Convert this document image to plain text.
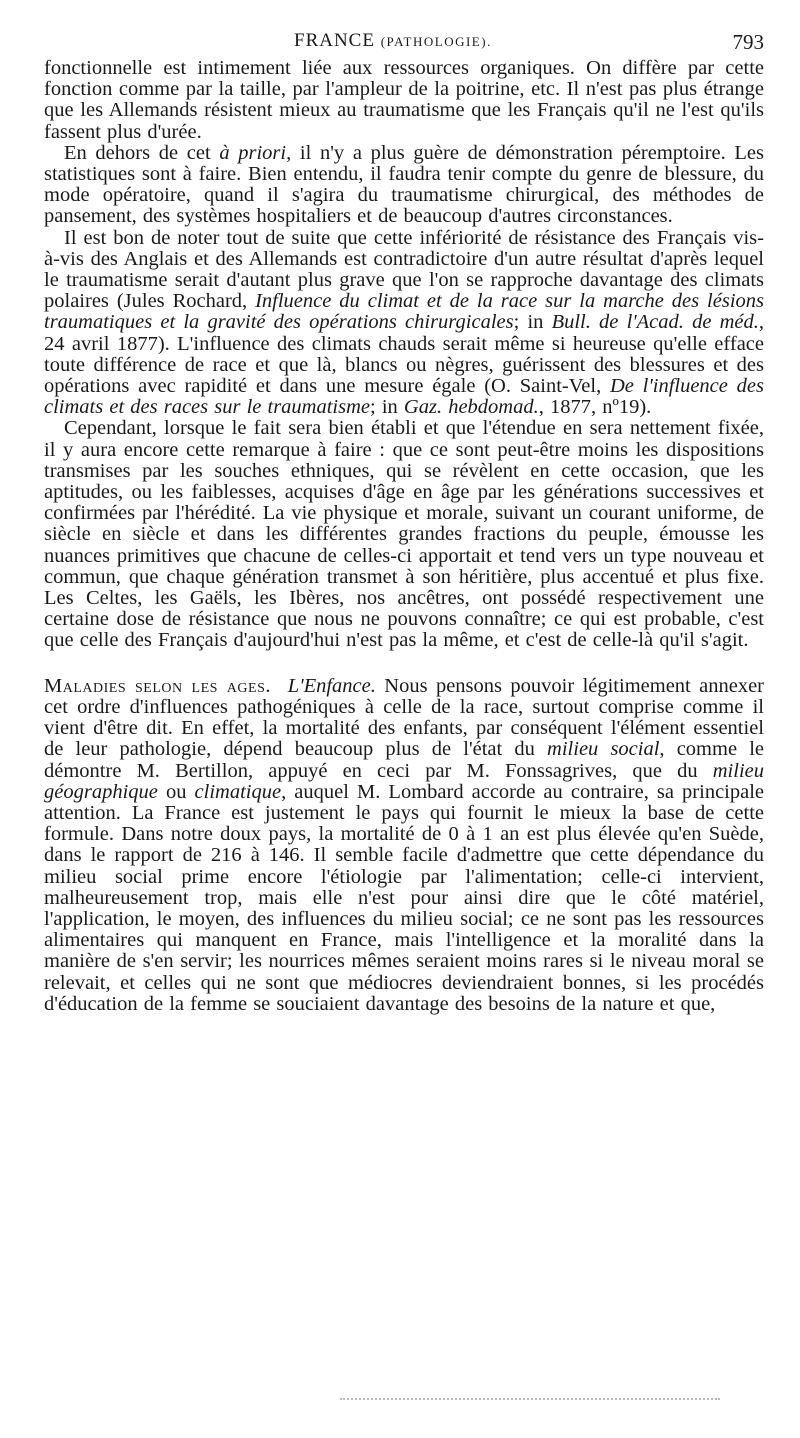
FRANCE (PATHOLOGIE).	793

fonctionnelle est intimement liée aux ressources organiques. On diffère par cette fonction comme par la taille, par l'ampleur de la poitrine, etc. Il n'est pas plus étrange que les Allemands résistent mieux au traumatisme que les Français qu'il ne l'est qu'ils fassent plus d'urée.

En dehors de cet à priori, il n'y a plus guère de démonstration péremptoire. Les statistiques sont à faire. Bien entendu, il faudra tenir compte du genre de blessure, du mode opératoire, quand il s'agira du traumatisme chirurgical, des méthodes de pansement, des systèmes hospitaliers et de beaucoup d'autres circonstances.

Il est bon de noter tout de suite que cette infériorité de résistance des Français vis-à-vis des Anglais et des Allemands est contradictoire d'un autre résultat d'après lequel le traumatisme serait d'autant plus grave que l'on se rapproche davantage des climats polaires (Jules Rochard, Influence du climat et de la race sur la marche des lésions traumatiques et la gravité des opérations chirurgicales; in Bull. de l'Acad. de méd., 24 avril 1877). L'influence des climats chauds serait même si heureuse qu'elle efface toute différence de race et que là, blancs ou nègres, guérissent des blessures et des opérations avec rapidité et dans une mesure égale (O. Saint-Vel, De l'influence des climats et des races sur le traumatisme; in Gaz. hebdomad., 1877, nº19).

Cependant, lorsque le fait sera bien établi et que l'étendue en sera nettement fixée, il y aura encore cette remarque à faire : que ce sont peut-être moins les dispositions transmises par les souches ethniques, qui se révèlent en cette occasion, que les aptitudes, ou les faiblesses, acquises d'âge en âge par les générations successives et confirmées par l'hérédité. La vie physique et morale, suivant un courant uniforme, de siècle en siècle et dans les différentes grandes fractions du peuple, émousse les nuances primitives que chacune de celles-ci apportait et tend vers un type nouveau et commun, que chaque génération transmet à son héritière, plus accentué et plus fixe. Les Celtes, les Gaëls, les Ibères, nos ancêtres, ont possédé respectivement une certaine dose de résistance que nous ne pouvons connaître; ce qui est probable, c'est que celle des Français d'aujourd'hui n'est pas la même, et c'est de celle-là qu'il s'agit.

Maladies selon les ages. L'Enfance. Nous pensons pouvoir légitimement annexer cet ordre d'influences pathogéniques à celle de la race, surtout comprise comme il vient d'être dit. En effet, la mortalité des enfants, par conséquent l'élément essentiel de leur pathologie, dépend beaucoup plus de l'état du milieu social, comme le démontre M. Bertillon, appuyé en ceci par M. Fonssagrives, que du milieu géographique ou climatique, auquel M. Lombard accorde au contraire, sa principale attention. La France est justement le pays qui fournit le mieux la base de cette formule. Dans notre doux pays, la mortalité de 0 à 1 an est plus élevée qu'en Suède, dans le rapport de 216 à 146. Il semble facile d'admettre que cette dépendance du milieu social prime encore l'étiologie par l'alimentation; celle-ci intervient, malheureusement trop, mais elle n'est pour ainsi dire que le côté matériel, l'application, le moyen, des influences du milieu social; ce ne sont pas les ressources alimentaires qui manquent en France, mais l'intelligence et la moralité dans la manière de s'en servir; les nourrices mêmes seraient moins rares si le niveau moral se relevait, et celles qui ne sont que médiocres deviendraient bonnes, si les procédés d'éducation de la femme se souciaient davantage des besoins de la nature et que,
